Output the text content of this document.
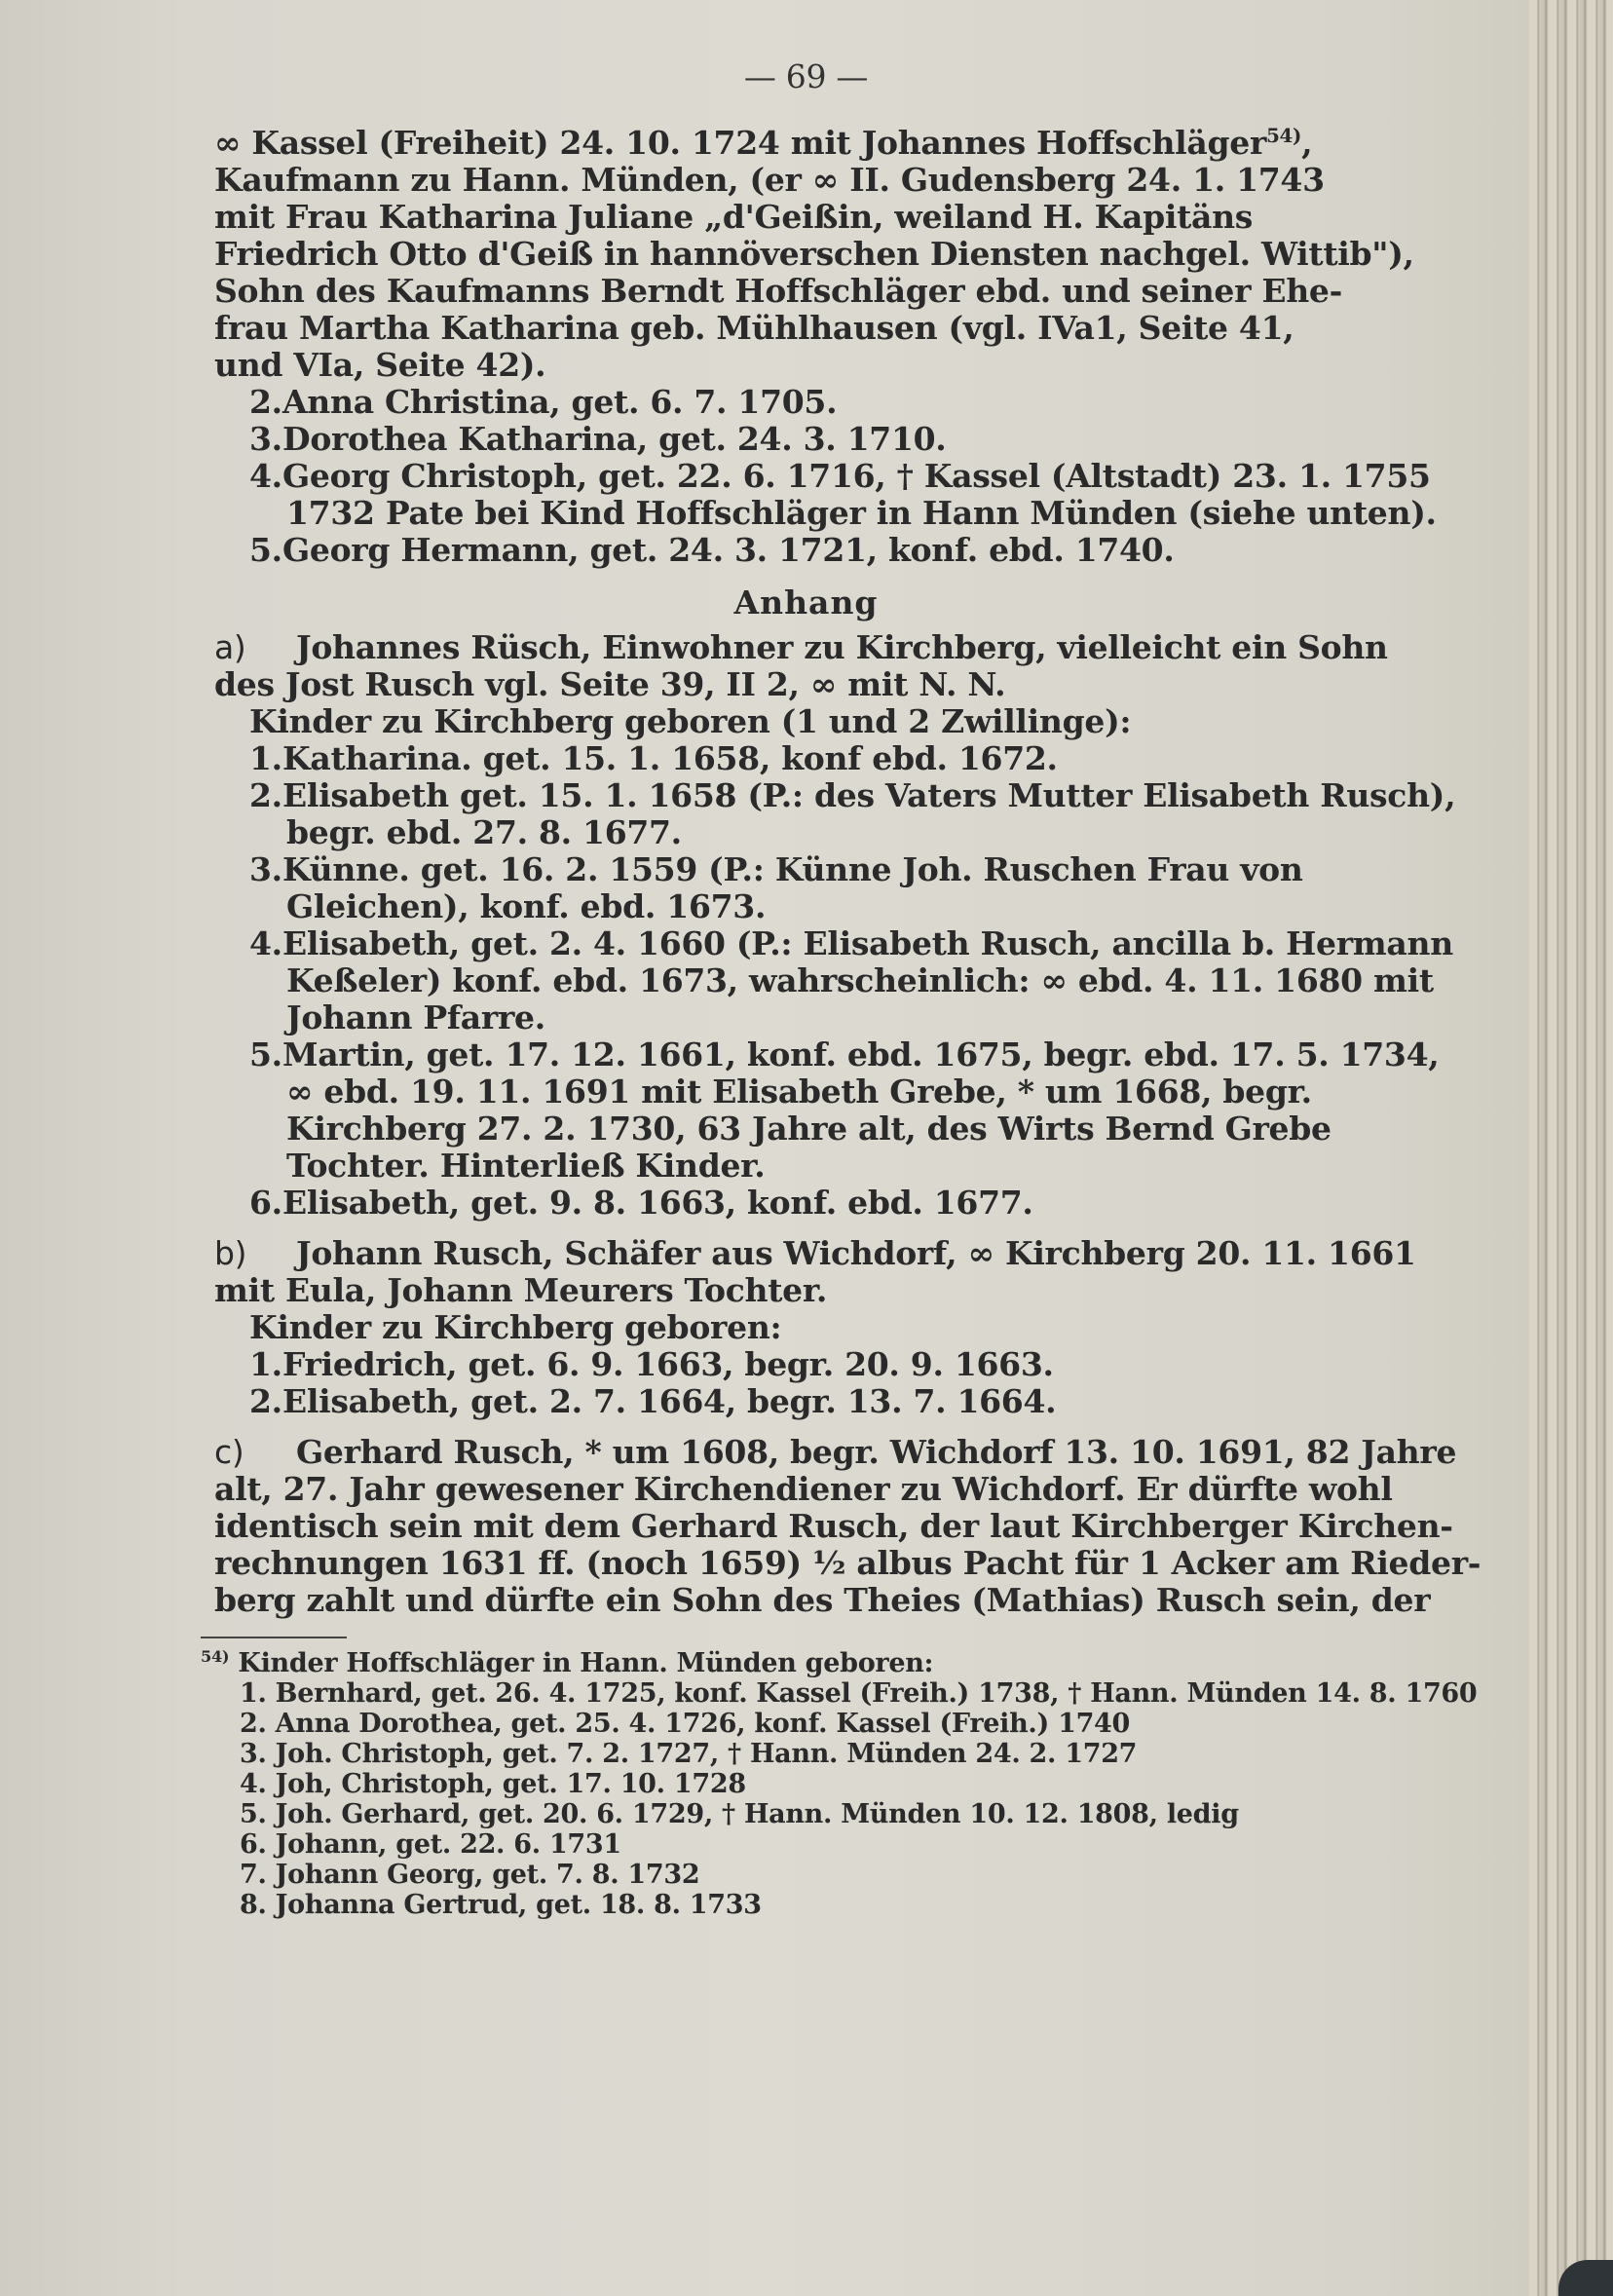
— 69 —
∞ Kassel (Freiheit) 24. 10. 1724 mit Johannes Hoffschläger$^{54)}$,
Kaufmann zu Hann. Münden, (er ∞ II. Gudensberg 24. 1. 1743
mit Frau Katharina Juliane „d'Geißin, weiland H. Kapitäns
Friedrich Otto d'Geiß in hannöverschen Diensten nachgel. Wittib"),
Sohn des Kaufmanns Berndt Hoffschläger ebd. und seiner Ehe-
frau Martha Katharina geb. Mühlhausen (vgl. IVa1, Seite 41,
und VIa, Seite 42).
2.Anna Christina, get. 6. 7. 1705.
3.Dorothea Katharina, get. 24. 3. 1710.
4.Georg Christoph, get. 22. 6. 1716, † Kassel (Altstadt) 23. 1. 1755
1732 Pate bei Kind Hoffschläger in Hann Münden (siehe unten).
5.Georg Hermann, get. 24. 3. 1721, konf. ebd. 1740.
Anhang
a) Johannes Rüsch, Einwohner zu Kirchberg, vielleicht ein Sohn
des Jost Rusch vgl. Seite 39, II 2, ∞ mit N. N.
Kinder zu Kirchberg geboren (1 und 2 Zwillinge):
1.Katharina. get. 15. 1. 1658, konf ebd. 1672.
2.Elisabeth get. 15. 1. 1658 (P.: des Vaters Mutter Elisabeth Rusch),
begr. ebd. 27. 8. 1677.
3.Künne. get. 16. 2. 1559 (P.: Künne Joh. Ruschen Frau von
Gleichen), konf. ebd. 1673.
4.Elisabeth, get. 2. 4. 1660 (P.: Elisabeth Rusch, ancilla b. Hermann
Keßeler) konf. ebd. 1673, wahrscheinlich: ∞ ebd. 4. 11. 1680 mit
Johann Pfarre.
5.Martin, get. 17. 12. 1661, konf. ebd. 1675, begr. ebd. 17. 5. 1734,
∞ ebd. 19. 11. 1691 mit Elisabeth Grebe, * um 1668, begr.
Kirchberg 27. 2. 1730, 63 Jahre alt, des Wirts Bernd Grebe
Tochter. Hinterließ Kinder.
6.Elisabeth, get. 9. 8. 1663, konf. ebd. 1677.
b) Johann Rusch, Schäfer aus Wichdorf, ∞ Kirchberg 20. 11. 1661
mit Eula, Johann Meurers Tochter.
Kinder zu Kirchberg geboren:
1.Friedrich, get. 6. 9. 1663, begr. 20. 9. 1663.
2.Elisabeth, get. 2. 7. 1664, begr. 13. 7. 1664.
c) Gerhard Rusch, * um 1608, begr. Wichdorf 13. 10. 1691, 82 Jahre
alt, 27. Jahr gewesener Kirchendiener zu Wichdorf. Er dürfte wohl
identisch sein mit dem Gerhard Rusch, der laut Kirchberger Kirchen-
rechnungen 1631 ff. (noch 1659) ½ albus Pacht für 1 Acker am Rieder-
berg zahlt und dürfte ein Sohn des Theies (Mathias) Rusch sein, der
$^{54)}$ Kinder Hoffschläger in Hann. Münden geboren:
1. Bernhard, get. 26. 4. 1725, konf. Kassel (Freih.) 1738, † Hann. Münden 14. 8. 1760
2. Anna Dorothea, get. 25. 4. 1726, konf. Kassel (Freih.) 1740
3. Joh. Christoph, get. 7. 2. 1727, † Hann. Münden 24. 2. 1727
4. Joh, Christoph, get. 17. 10. 1728
5. Joh. Gerhard, get. 20. 6. 1729, † Hann. Münden 10. 12. 1808, ledig
6. Johann, get. 22. 6. 1731
7. Johann Georg, get. 7. 8. 1732
8. Johanna Gertrud, get. 18. 8. 1733
